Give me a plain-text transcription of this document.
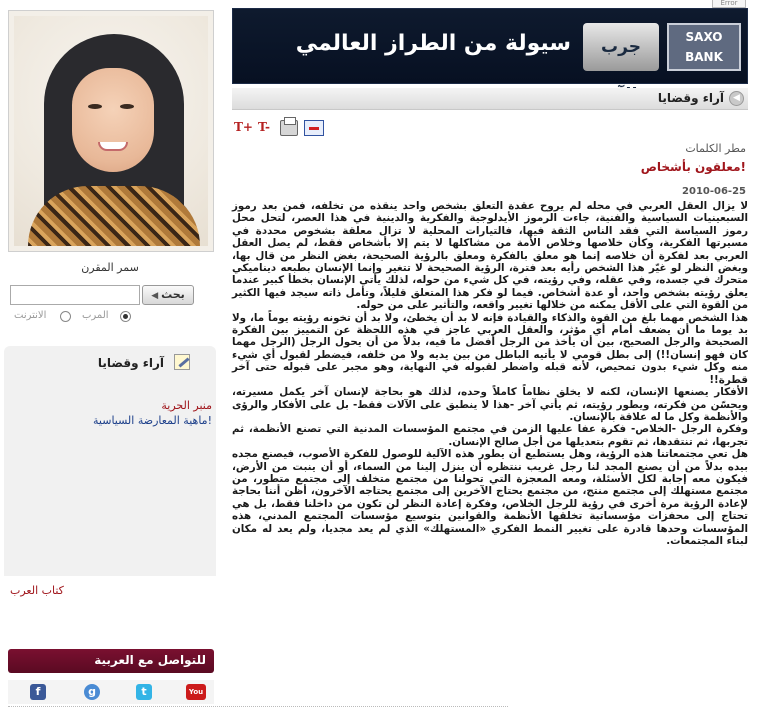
Error
سمر المقرن
◀ بحث
المرب
الانترنت
آراء وقضايا
منبر الحرية
ماهية المعارضة السياسية!
كتاب العرب
للتواصل مع العربية
f	g	t	You Tube
SAXO
BANK
جرب
سيولة من الطراز العالمي
◀
آراء وقضايا
T+ T-
مطر الكلمات
معلقون بأشخاص!
2010-06-25

لا يزال العقل العربي في محله لم يروح عقدة التعلق بشخص واحد ينقذه من تخلفه، فمن بعد رموز السبعينيات السياسية والفنية، جاءت الرموز الأيدلوجية والفكرية والدينية في هذا العصر، لتحل محل رموز السياسة التي فقد الناس الثقة فيها، فالتيارات المحلية لا تزال معلقة بشخوص محددة في مسيرتها الفكرية، وكأن خلاصها وخلاص الأمة من مشاكلها لا يتم إلا بأشخاص فقط، لم يصل العقل العربي بعد لفكرة أن خلاصه إنما هو معلق بالفكرة ومعلق بالرؤية الصحيحة، بغض النظر من قال بها، وبغض النظر لو غيّر هذا الشخص رأيه بعد فترة، الرؤية الصحيحة لا تتغير وإنما الإنسان بطبعه ديناميكي متحرك في جسده، وفي عقله، وفي رؤيته، في كل شيء من حوله، لذلك يأتي الإنسان بخطأ كبير عندما يعلق رؤيته بشخص واحد، أو عدة أشخاص. فيما لو فكر هذا المتعلق قليلاً، وتأمل ذاته سيجد فيها الكثير من القوة التي على الأقل يمكنه من خلالها تغيير واقعه، والتأثير على من حوله.

هذا الشخص مهما بلغ من القوة والذكاء والقيادة فإنه لا بد أن يخطئ، ولا بد أن تخونه رؤيته يوماً ما، ولا بد يوما ما أن يضعف أمام أي مؤثر، والعقل العربي عاجز في هذه اللحظة عن التمييز بين الفكرة الصحيحة والرجل الصحيح، بين أن يأخذ من الرجل أفضل ما فيه، بدلاً من أن يحول الرجل (الرجل مهما كان فهو إنسان!!) إلى بطل قومي لا يأتيه الباطل من بين يديه ولا من خلفه، فيضطر لقبول أي شيء منه وكل شيء بدون تمحيص، لأنه قبله واضطر لقبوله في النهاية، وهو مجبر على قبوله حتى آخر قطرة!!

الأفكار يصنعها الإنسان، لكنه لا يخلق نظاماً كاملاً وحده، لذلك هو بحاجة لإنسان آخر يكمل مسيرته، ويحسّن من فكرته، ويطور رؤيته، ثم يأتي آخر -هذا لا ينطبق على الآلات فقط- بل على الأفكار والرؤى والأنظمة وكل ما له علاقة بالإنسان.

وفكرة الرجل -الخلاص- فكرة عفا عليها الزمن في مجتمع المؤسسات المدنية التي تصنع الأنظمة، ثم تجربها، ثم تنتقدها، ثم تقوم بتعديلها من أجل صالح الإنسان.

هل تعي مجتمعاتنا هذه الرؤية، وهل يستطيع أن يطور هذه الآلية للوصول للفكرة الأصوب، فيصنع مجده بيده بدلاً من أن يصنع المجد لنا رجل غريب ننتظره أن ينزل إلينا من السماء، أو أن ينبت من الأرض، فيكون معه إجابة لكل الأسئلة، ومعه المعجزة التي تحولنا من مجتمع متخلف إلى مجتمع متطور، من مجتمع مستهلك إلى مجتمع منتج، من مجتمع يحتاج الآخرين إلى مجتمع يحتاجه الآخرون، أظن أننا بحاجة لإعادة الرؤية مرة أخرى في رؤية للرجل الخلاص، وفكرة إعادة النظر لن تكون من داخلنا فقط، بل هي تحتاج إلى محفزات مؤسساتية تخلقها الأنظمة والقوانين بتوسيع مؤسسات المجتمع المدني، هذه المؤسسات وحدها قادرة على تغيير النمط الفكري «المستهلك» الذي لم يعد مجديا، ولم يعد له مكان لبناء المجتمعات.
